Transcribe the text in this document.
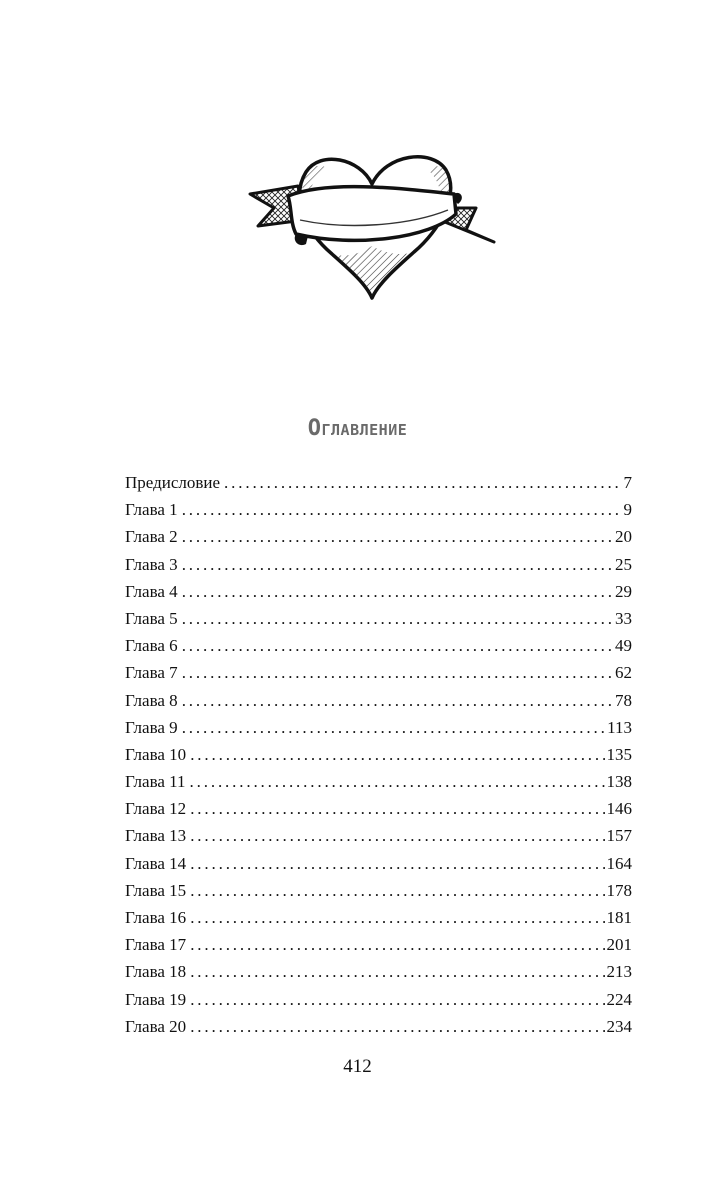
Оглавление
Предисловие . . .	7
Глава 1 . . .	9
Глава 2 . . .	20
Глава 3 . . .	25
Глава 4 . . .	29
Глава 5 . . .	33
Глава 6 . . .	49
Глава 7 . . .	62
Глава 8 . . .	78
Глава 9 . . .	113
Глава 10 . . .	135
Глава 11 . . .	138
Глава 12 . . .	146
Глава 13 . . .	157
Глава 14 . . .	164
Глава 15 . . .	178
Глава 16 . . .	181
Глава 17 . . .	201
Глава 18 . . .	213
Глава 19 . . .	224
Глава 20 . . .	234
412
